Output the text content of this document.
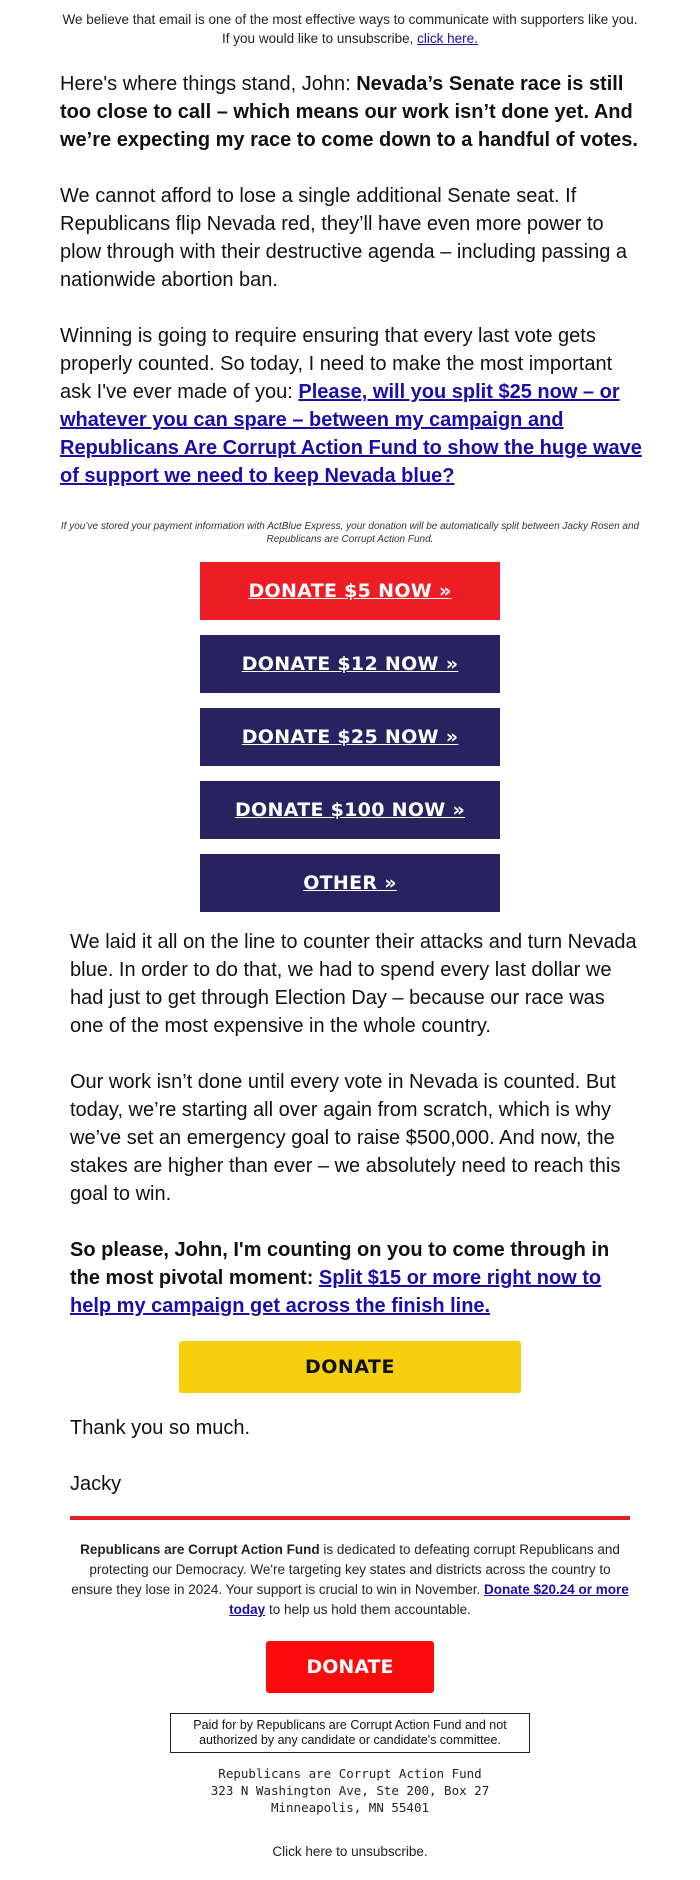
We believe that email is one of the most effective ways to communicate with supporters like you. If you would like to unsubscribe, click here.
Here's where things stand, John: Nevada’s Senate race is still too close to call – which means our work isn’t done yet. And we’re expecting my race to come down to a handful of votes.
We cannot afford to lose a single additional Senate seat. If Republicans flip Nevada red, they’ll have even more power to plow through with their destructive agenda – including passing a nationwide abortion ban.
Winning is going to require ensuring that every last vote gets properly counted. So today, I need to make the most important ask I've ever made of you: Please, will you split $25 now – or whatever you can spare – between my campaign and Republicans Are Corrupt Action Fund to show the huge wave of support we need to keep Nevada blue?
If you’ve stored your payment information with ActBlue Express, your donation will be automatically split between Jacky Rosen and Republicans are Corrupt Action Fund.
DONATE $5 NOW »
DONATE $12 NOW »
DONATE $25 NOW »
DONATE $100 NOW »
OTHER »
We laid it all on the line to counter their attacks and turn Nevada blue. In order to do that, we had to spend every last dollar we had just to get through Election Day – because our race was one of the most expensive in the whole country.
Our work isn’t done until every vote in Nevada is counted. But today, we’re starting all over again from scratch, which is why we’ve set an emergency goal to raise $500,000. And now, the stakes are higher than ever – we absolutely need to reach this goal to win.
So please, John, I'm counting on you to come through in the most pivotal moment: Split $15 or more right now to help my campaign get across the finish line.
DONATE
Thank you so much.
Jacky
Republicans are Corrupt Action Fund is dedicated to defeating corrupt Republicans and protecting our Democracy. We're targeting key states and districts across the country to ensure they lose in 2024. Your support is crucial to win in November. Donate $20.24 or more today to help us hold them accountable.
DONATE
Paid for by Republicans are Corrupt Action Fund and not authorized by any candidate or candidate's committee.
Republicans are Corrupt Action Fund
323 N Washington Ave, Ste 200, Box 27
Minneapolis, MN 55401
Click here to unsubscribe.
